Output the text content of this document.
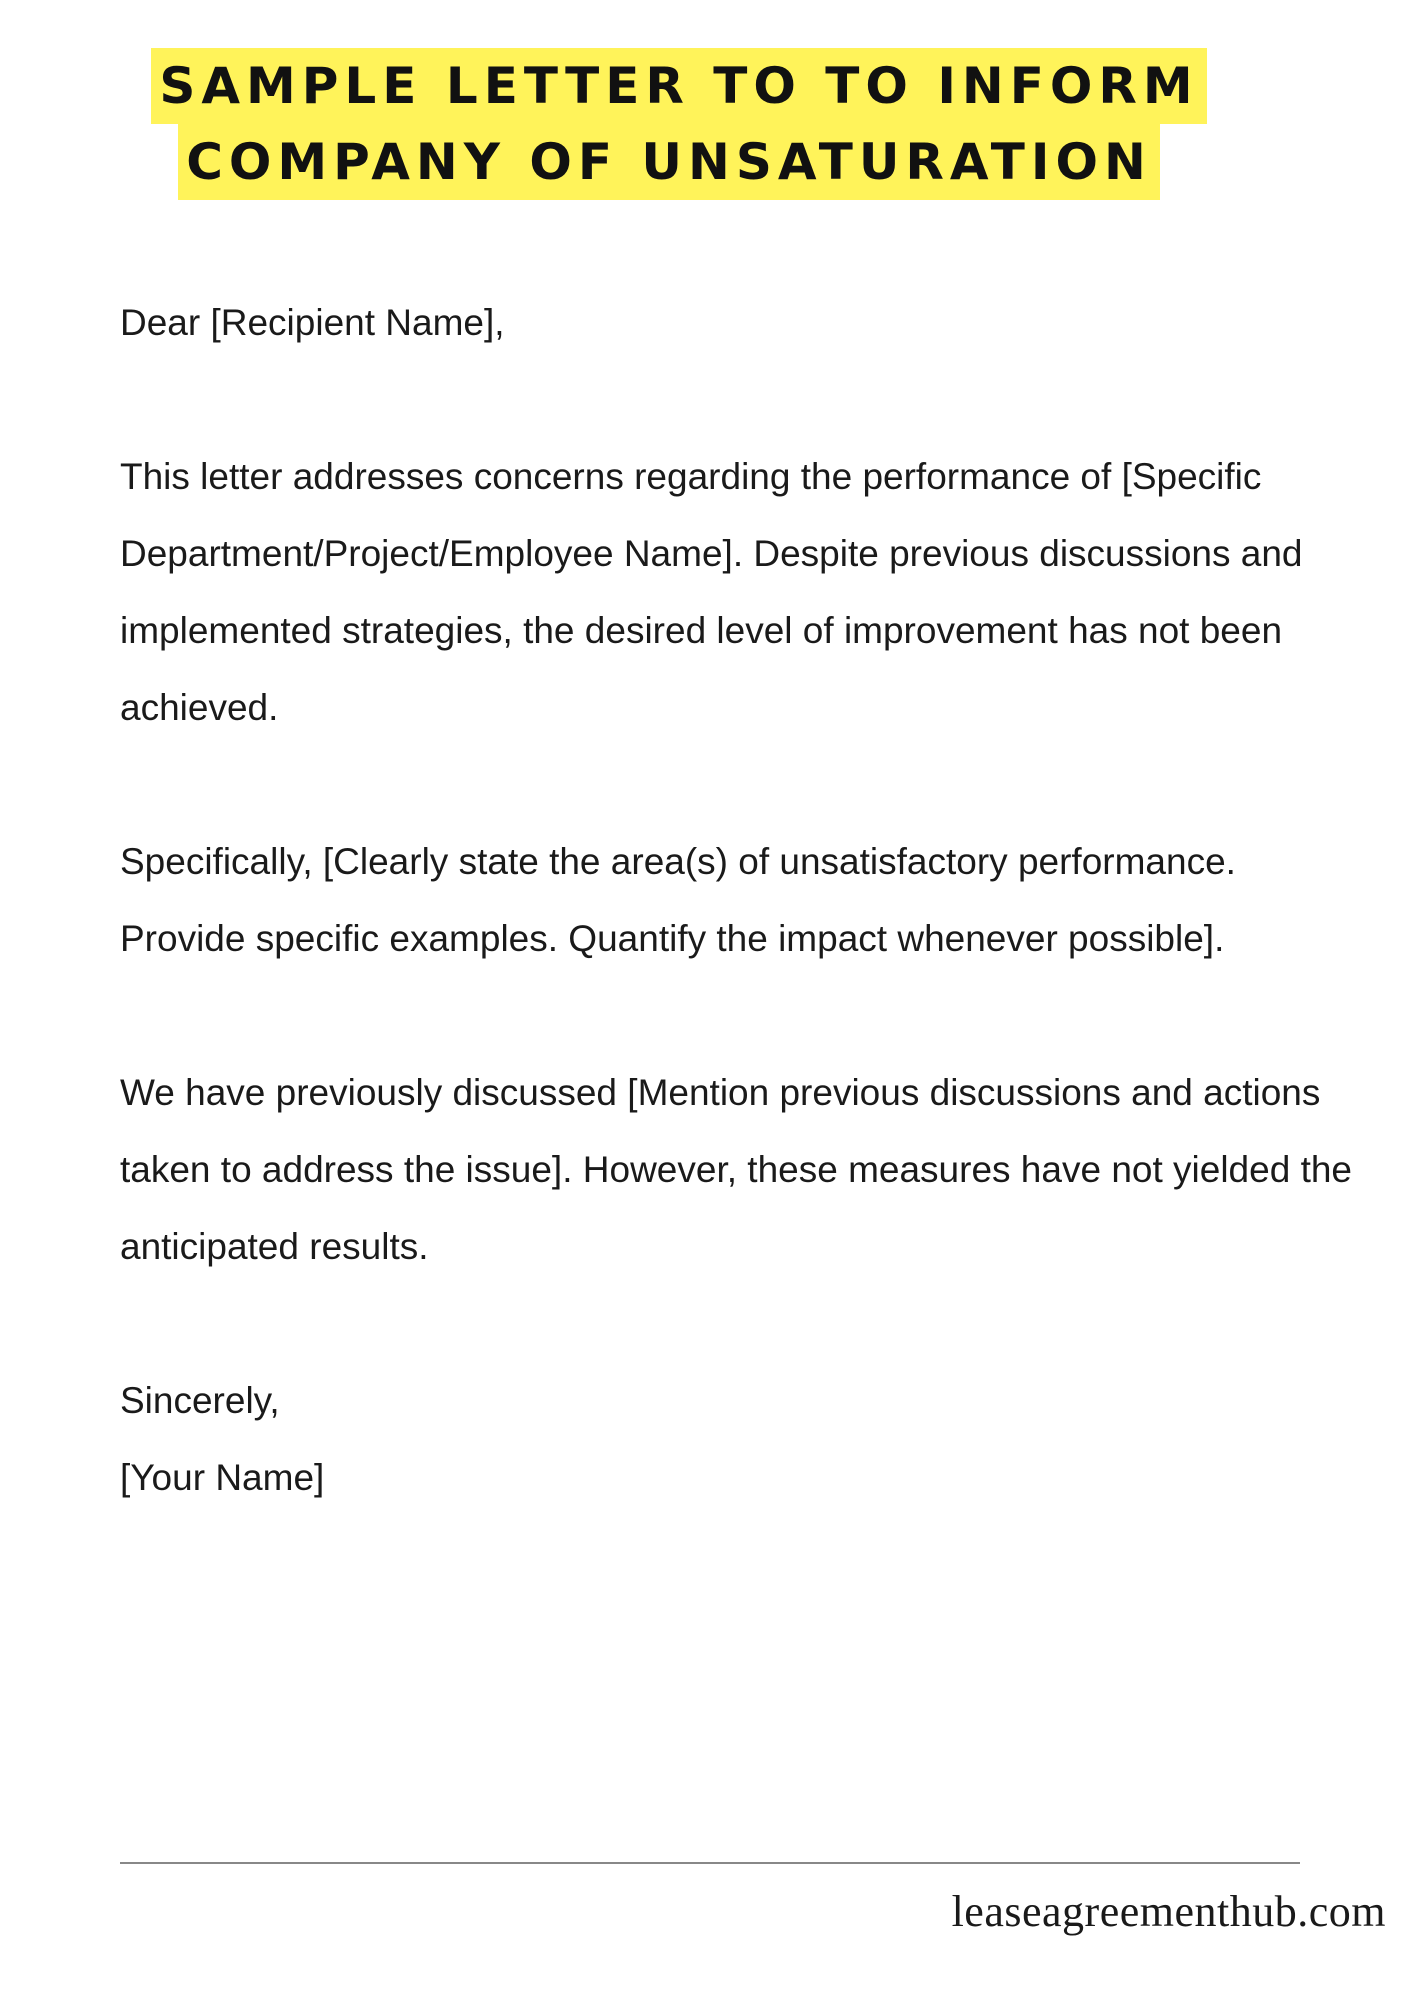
SAMPLE LETTER TO TO INFORM
COMPANY OF UNSATURATION

Dear [Recipient Name],

This letter addresses concerns regarding the performance of [Specific Department/Project/Employee Name]. Despite previous discussions and implemented strategies, the desired level of improvement has not been achieved.

Specifically, [Clearly state the area(s) of unsatisfactory performance. Provide specific examples. Quantify the impact whenever possible].

We have previously discussed [Mention previous discussions and actions taken to address the issue]. However, these measures have not yielded the anticipated results.

Sincerely,

[Your Name]

leaseagreementhub.com
